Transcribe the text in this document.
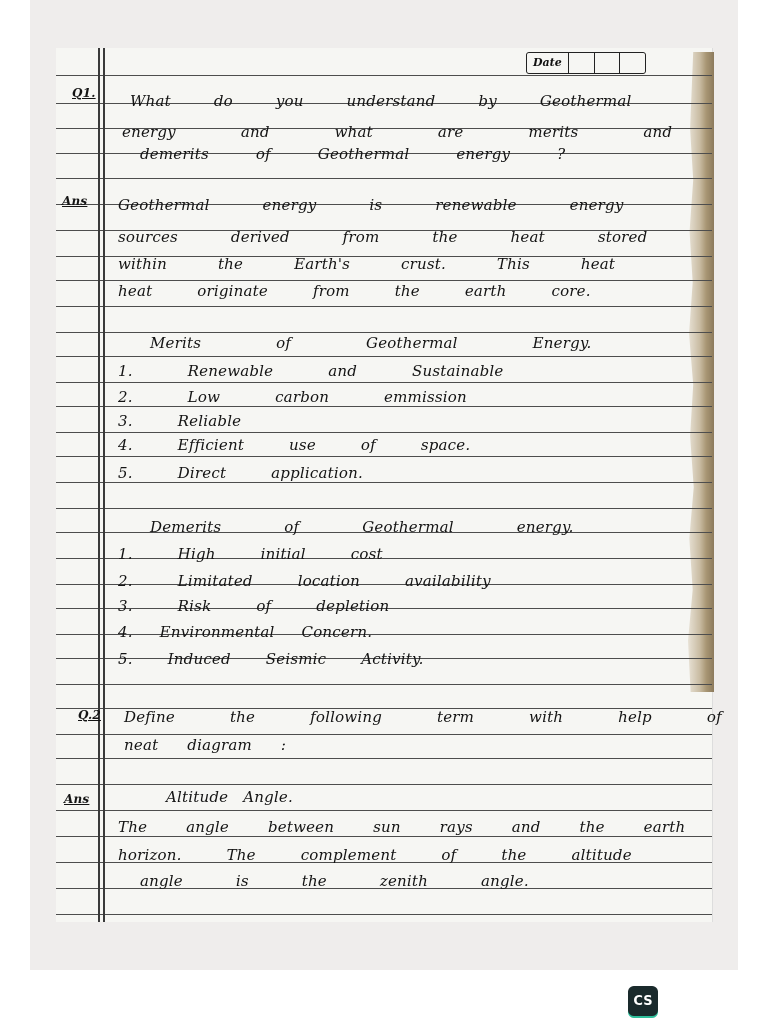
Date
Q1. What do you understand by Geothermal
energy and what are merits and
demerits of Geothermal energy ?
Ans Geothermal energy is renewable energy
sources derived from the heat stored
within the Earth's crust. This heat
heat originate from the earth core.
Merits of Geothermal Energy.
1. Renewable and Sustainable
2. Low carbon emmission
3. Reliable
4. Efficient use of space.
5. Direct application.
Demerits of Geothermal energy.
1. High initial cost
2. Limitated location availability
3. Risk of depletion
4. Environmental Concern.
5. Induced Seismic Activity.
Q.2 Define the following term with help of
neat diagram :
Ans	Altitude Angle.
The angle between sun rays and the earth
horizon. The complement of the altitude
angle is the zenith angle.
CS
